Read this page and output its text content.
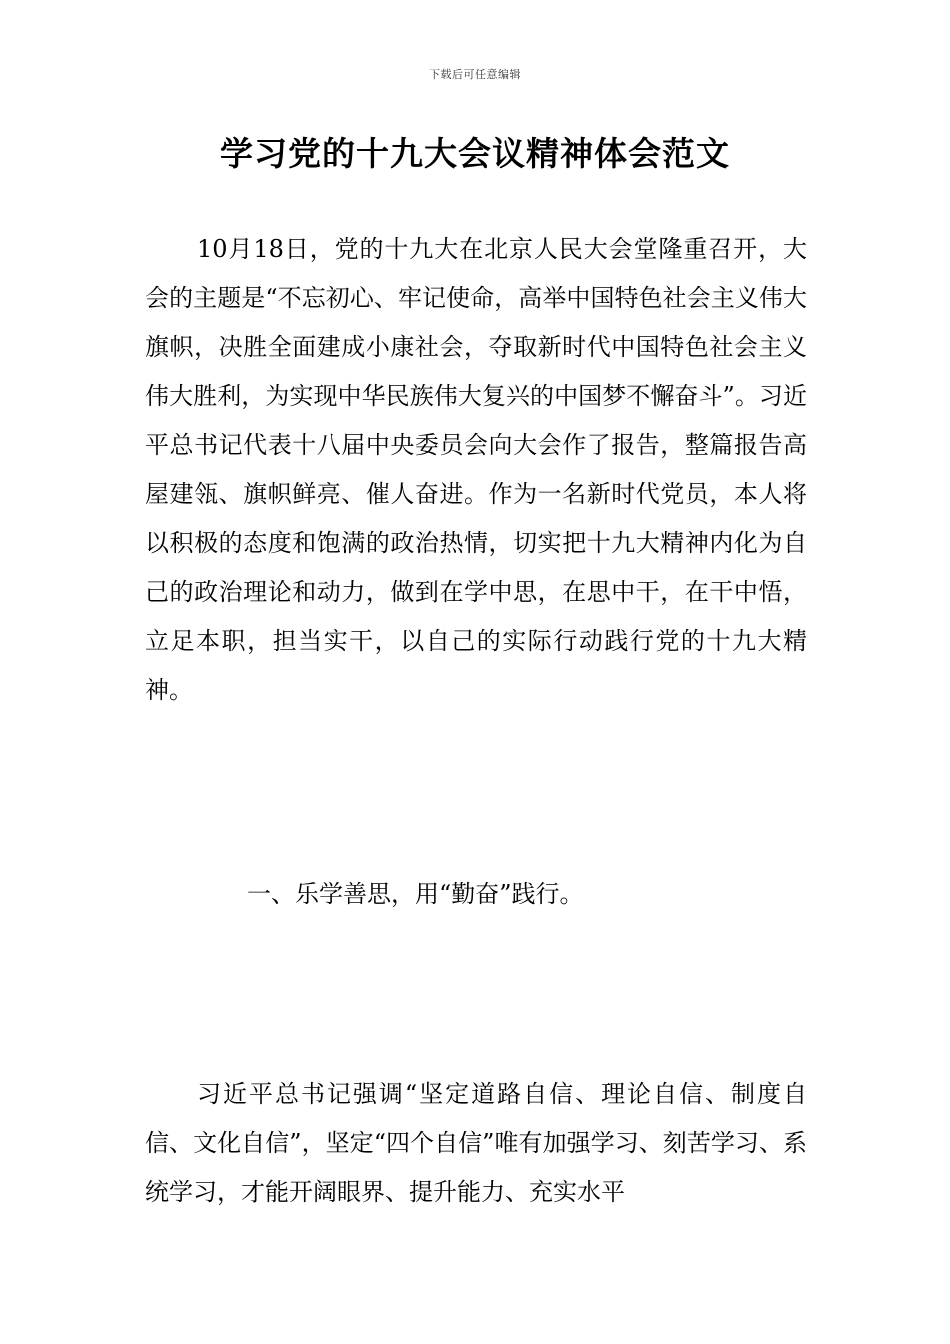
下载后可任意编辑
学习党的十九大会议精神体会范文

10月18日，党的十九大在北京人民大会堂隆重召开，大会的主题是“不忘初心、牢记使命，高举中国特色社会主义伟大旗帜，决胜全面建成小康社会，夺取新时代中国特色社会主义伟大胜利，为实现中华民族伟大复兴的中国梦不懈奋斗”。习近平总书记代表十八届中央委员会向大会作了报告，整篇报告高屋建瓴、旗帜鲜亮、催人奋进。作为一名新时代党员，本人将以积极的态度和饱满的政治热情，切实把十九大精神内化为自己的政治理论和动力，做到在学中思，在思中干，在干中悟，立足本职，担当实干，以自己的实际行动践行党的十九大精神。

一、乐学善思，用“勤奋”践行。

习近平总书记强调“坚定道路自信、理论自信、制度自信、文化自信”，坚定“四个自信”唯有加强学习、刻苦学习、系统学习，才能开阔眼界、提升能力、充实水平
